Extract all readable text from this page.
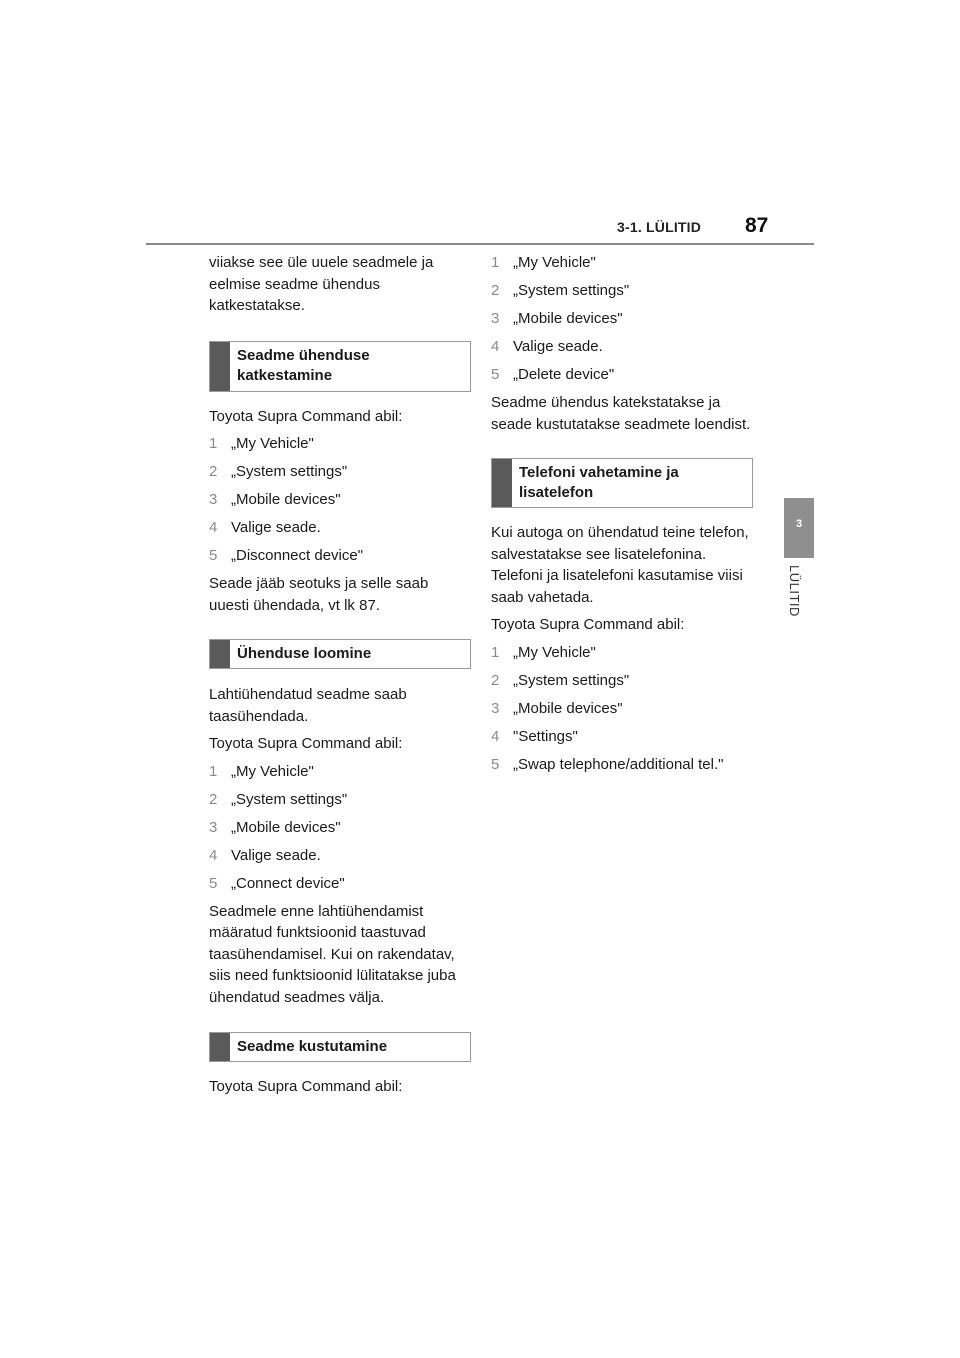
3-1. LÜLITID 87
3
LÜLITID

viiakse see üle uuele seadmele ja eelmise seadme ühendus katkestatakse.

Seadme ühenduse katkestamine

Toyota Supra Command abil:

1 „My Vehicle"
2 „System settings"
3 „Mobile devices"
4 Valige seade.
5 „Disconnect device"

Seade jääb seotuks ja selle saab uuesti ühendada, vt lk 87.

Ühenduse loomine

Lahtiühendatud seadme saab taasühendada.

Toyota Supra Command abil:

1 „My Vehicle"
2 „System settings"
3 „Mobile devices"
4 Valige seade.
5 „Connect device"

Seadmele enne lahtiühendamist määratud funktsioonid taastuvad taasühendamisel. Kui on rakendatav, siis need funktsioonid lülitatakse juba ühendatud seadmes välja.

Seadme kustutamine

Toyota Supra Command abil:

1 „My Vehicle"
2 „System settings"
3 „Mobile devices"
4 Valige seade.
5 „Delete device"

Seadme ühendus katekstatakse ja seade kustutatakse seadmete loendist.

Telefoni vahetamine ja lisatelefon

Kui autoga on ühendatud teine telefon, salvestatakse see lisatelefonina. Telefoni ja lisatelefoni kasutamise viisi saab vahetada.

Toyota Supra Command abil:

1 „My Vehicle"
2 „System settings"
3 „Mobile devices"
4 "Settings"
5 „Swap telephone/additional tel."
